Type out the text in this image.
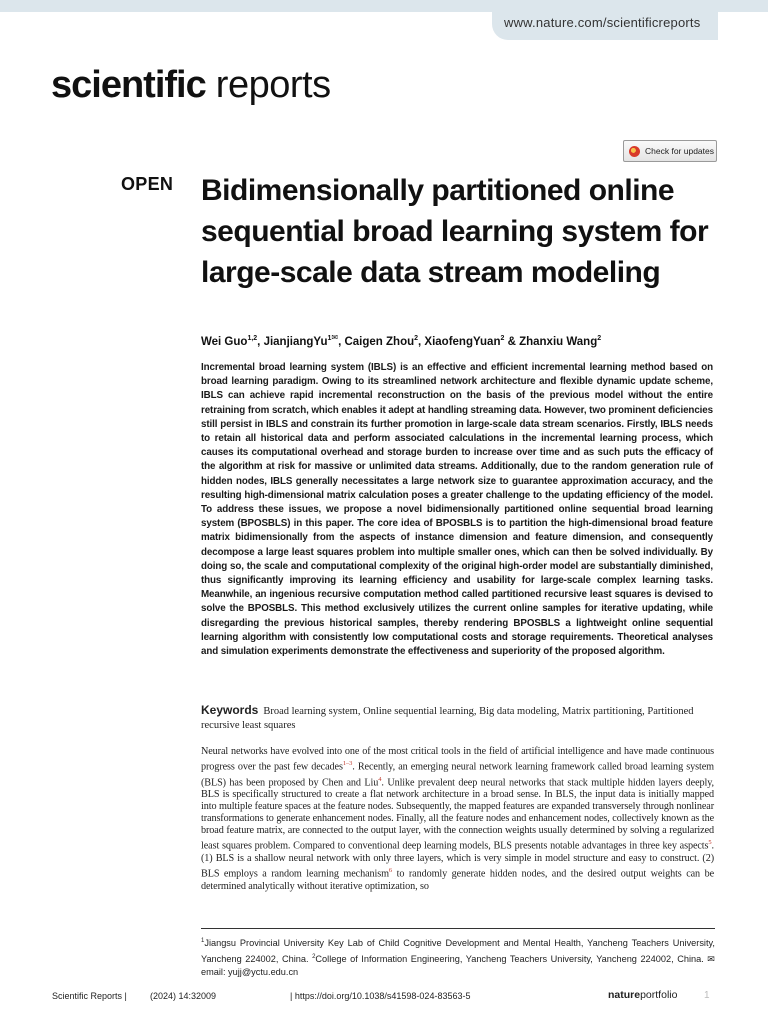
www.nature.com/scientificreports
scientific reports
Check for updates
OPEN Bidimensionally partitioned online sequential broad learning system for large-scale data stream modeling
Wei Guo$^{1,2}$, JianjiangYu$^{1✉}$, Caigen Zhou$^2$, XiaofengYuan$^2$ & Zhanxiu Wang$^2$

Incremental broad learning system (IBLS) is an effective and efficient incremental learning method based on broad learning paradigm. Owing to its streamlined network architecture and flexible dynamic update scheme, IBLS can achieve rapid incremental reconstruction on the basis of the previous model without the entire retraining from scratch, which enables it adept at handling streaming data. However, two prominent deficiencies still persist in IBLS and constrain its further promotion in large-scale data stream scenarios. Firstly, IBLS needs to retain all historical data and perform associated calculations in the incremental learning process, which causes its computational overhead and storage burden to increase over time and as such puts the efficacy of the algorithm at risk for massive or unlimited data streams. Additionally, due to the random generation rule of hidden nodes, IBLS generally necessitates a large network size to guarantee approximation accuracy, and the resulting high-dimensional matrix calculation poses a greater challenge to the updating efficiency of the model. To address these issues, we propose a novel bidimensionally partitioned online sequential broad learning system (BPOSBLS) in this paper. The core idea of BPOSBLS is to partition the high-dimensional broad feature matrix bidimensionally from the aspects of instance dimension and feature dimension, and consequently decompose a large least squares problem into multiple smaller ones, which can then be solved individually. By doing so, the scale and computational complexity of the original high-order model are substantially diminished, thus significantly improving its learning efficiency and usability for large-scale complex learning tasks. Meanwhile, an ingenious recursive computation method called partitioned recursive least squares is devised to solve the BPOSBLS. This method exclusively utilizes the current online samples for iterative updating, while disregarding the previous historical samples, thereby rendering BPOSBLS a lightweight online sequential learning algorithm with consistently low computational costs and storage requirements. Theoretical analyses and simulation experiments demonstrate the effectiveness and superiority of the proposed algorithm.

Keywords Broad learning system, Online sequential learning, Big data modeling, Matrix partitioning, Partitioned recursive least squares

Neural networks have evolved into one of the most critical tools in the field of artificial intelligence and have made continuous progress over the past few decades$^{1-3}$. Recently, an emerging neural network learning framework called broad learning system (BLS) has been proposed by Chen and Liu$^4$. Unlike prevalent deep neural networks that stack multiple hidden layers deeply, BLS is specifically structured to create a flat network architecture in a broad sense. In BLS, the input data is initially mapped into multiple feature spaces at the feature nodes. Subsequently, the mapped features are expanded transversely through nonlinear transformations to generate enhancement nodes. Finally, all the feature nodes and enhancement nodes, collectively known as the broad feature matrix, are connected to the output layer, with the connection weights usually determined by solving a regularized least squares problem. Compared to conventional deep learning models, BLS presents notable advantages in three key aspects$^5$. (1) BLS is a shallow neural network with only three layers, which is very simple in model structure and easy to construct. (2) BLS employs a random learning mechanism$^6$ to randomly generate hidden nodes, and the desired output weights can be determined analytically without iterative optimization, so

$^1$Jiangsu Provincial University Key Lab of Child Cognitive Development and Mental Health, Yancheng Teachers University, Yancheng 224002, China. $^2$College of Information Engineering, Yancheng Teachers University, Yancheng 224002, China. ✉email: yujj@yctu.edu.cn
Scientific Reports |	(2024) 14:32009	| https://doi.org/10.1038/s41598-024-83563-5	natureportfolio	1
